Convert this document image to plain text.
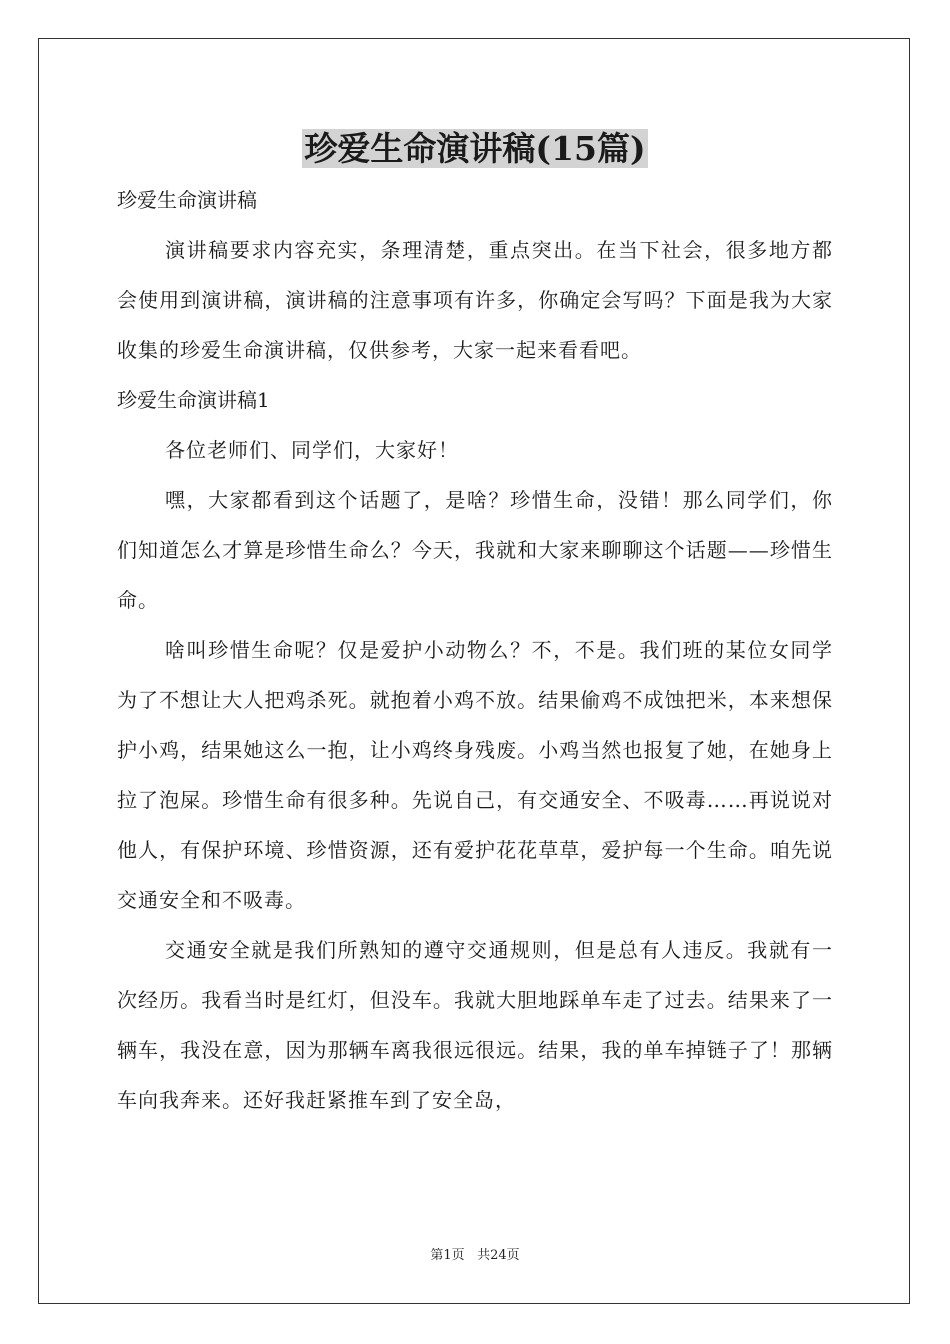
珍爱生命演讲稿(15篇)

珍爱生命演讲稿

演讲稿要求内容充实，条理清楚，重点突出。在当下社会，很多地方都会使用到演讲稿，演讲稿的注意事项有许多，你确定会写吗？下面是我为大家收集的珍爱生命演讲稿，仅供参考，大家一起来看看吧。

珍爱生命演讲稿1

各位老师们、同学们，大家好！

嘿，大家都看到这个话题了，是啥？珍惜生命，没错！那么同学们，你们知道怎么才算是珍惜生命么？今天，我就和大家来聊聊这个话题——珍惜生命。

啥叫珍惜生命呢？仅是爱护小动物么？不，不是。我们班的某位女同学为了不想让大人把鸡杀死。就抱着小鸡不放。结果偷鸡不成蚀把米，本来想保护小鸡，结果她这么一抱，让小鸡终身残废。小鸡当然也报复了她，在她身上拉了泡屎。珍惜生命有很多种。先说自己，有交通安全、不吸毒……再说说对他人，有保护环境、珍惜资源，还有爱护花花草草，爱护每一个生命。咱先说交通安全和不吸毒。

交通安全就是我们所熟知的遵守交通规则，但是总有人违反。我就有一次经历。我看当时是红灯，但没车。我就大胆地踩单车走了过去。结果来了一辆车，我没在意，因为那辆车离我很远很远。结果，我的单车掉链子了！那辆车向我奔来。还好我赶紧推车到了安全岛，

第1页 共24页
